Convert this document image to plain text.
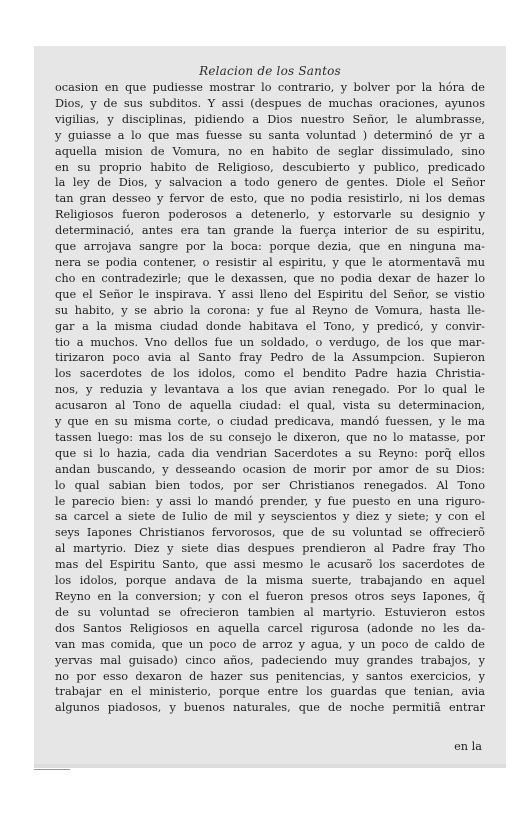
Relacion de los Santos
ocasion en que pudiesse mostrar lo contrario, y bolver por la hóra de
Dios, y de sus subditos. Y assi (despues de muchas oraciones, ayunos
vigilias, y disciplinas, pidiendo a Dios nuestro Señor, le alumbrasse,
y guiasse a lo que mas fuesse su santa voluntad ) determinó de yr a
aquella mision de Vomura, no en habito de seglar dissimulado, sino
en su proprio habito de Religioso, descubierto y publico, predicado
la ley de Dios, y salvacion a todo genero de gentes. Diole el Señor
tan gran desseo y fervor de esto, que no podia resistirlo, ni los demas
Religiosos fueron poderosos a detenerlo, y estorvarle su designio y
determinació, antes era tan grande la fuerça interior de su espiritu,
que arrojava sangre por la boca: porque dezia, que en ninguna ma-
nera se podia contener, o resistir al espiritu, y que le atormentavã mu
cho en contradezirle; que le dexassen, que no podia dexar de hazer lo
que el Señor le inspirava. Y assi lleno del Espiritu del Señor, se vistio
su habito, y se abrio la corona: y fue al Reyno de Vomura, hasta lle-
gar a la misma ciudad donde habitava el Tono, y predicó, y convir-
tio a muchos. Vno dellos fue un soldado, o verdugo, de los que mar-
tirizaron poco avia al Santo fray Pedro de la Assumpcion. Supieron
los sacerdotes de los idolos, como el bendito Padre hazia Christia-
nos, y reduzia y levantava a los que avian renegado. Por lo qual le
acusaron al Tono de aquella ciudad: el qual, vista su determinacion,
y que en su misma corte, o ciudad predicava, mandó fuessen, y le ma
tassen luego: mas los de su consejo le dixeron, que no lo matasse, por
que si lo hazia, cada dia vendrian Sacerdotes a su Reyno: porq̃ ellos
andan buscando, y desseando ocasion de morir por amor de su Dios:
lo qual sabian bien todos, por ser Christianos renegados. Al Tono
le parecio bien: y assi lo mandó prender, y fue puesto en una riguro-
sa carcel a siete de Iulio de mil y seyscientos y diez y siete; y con el
seys Iapones Christianos fervorosos, que de su voluntad se offrecierõ
al martyrio. Diez y siete dias despues prendieron al Padre fray Tho
mas del Espiritu Santo, que assi mesmo le acusarõ los sacerdotes de
los idolos, porque andava de la misma suerte, trabajando en aquel
Reyno en la conversion; y con el fueron presos otros seys Iapones, q̃
de su voluntad se ofrecieron tambien al martyrio. Estuvieron estos
dos Santos Religiosos en aquella carcel rigurosa (adonde no les da-
van mas comida, que un poco de arroz y agua, y un poco de caldo de
yervas mal guisado) cinco años, padeciendo muy grandes trabajos, y
no por esso dexaron de hazer sus penitencias, y santos exercicios, y
trabajar en el ministerio, porque entre los guardas que tenian, avia
algunos piadosos, y buenos naturales, que de noche permitiã entrar
en la
